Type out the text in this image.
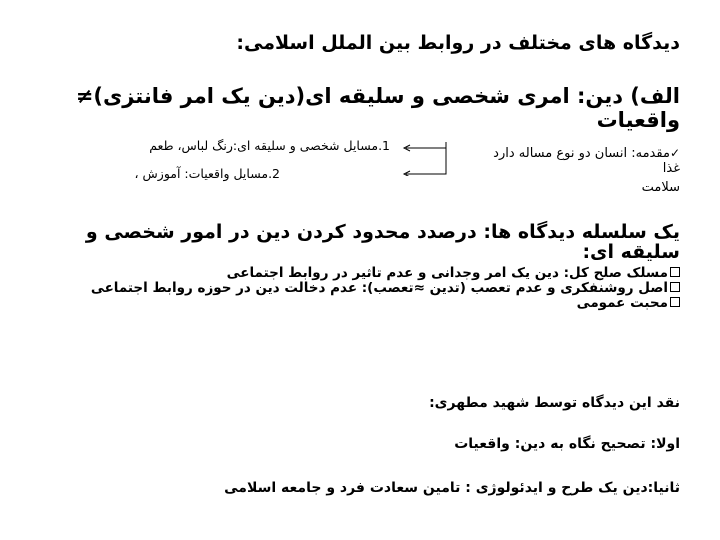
دیدگاه های مختلف در روابط بین الملل اسلامی:
الف) دین: امری شخصی و سلیقه ای(دین یک امر فانتزی)≠ واقعیات
✓مقدمه: انسان دو نوع مساله دارد
غذا
سلامت
1.مسایل شخصی و سلیقه ای:رنگ لباس، طعم
2.مسایل واقعیات: آموزش ،
یک سلسله دیدگاه ها: درصدد محدود کردن دین در امور شخصی و سلیقه ای:
مسلک صلح کل: دین یک امر وجدانی و عدم تاثیر در روابط اجتماعی
اصل روشنفکری و عدم تعصب (تدین ≈تعصب): عدم دخالت دین در حوزه روابط اجتماعی
محبت عمومی
نقد این دیدگاه توسط شهید مطهری:
اولا: تصحیح نگاه به دین: واقعیات
ثانیا:دین یک طرح و ایدئولوژی : تامین سعادت فرد و جامعه اسلامی
